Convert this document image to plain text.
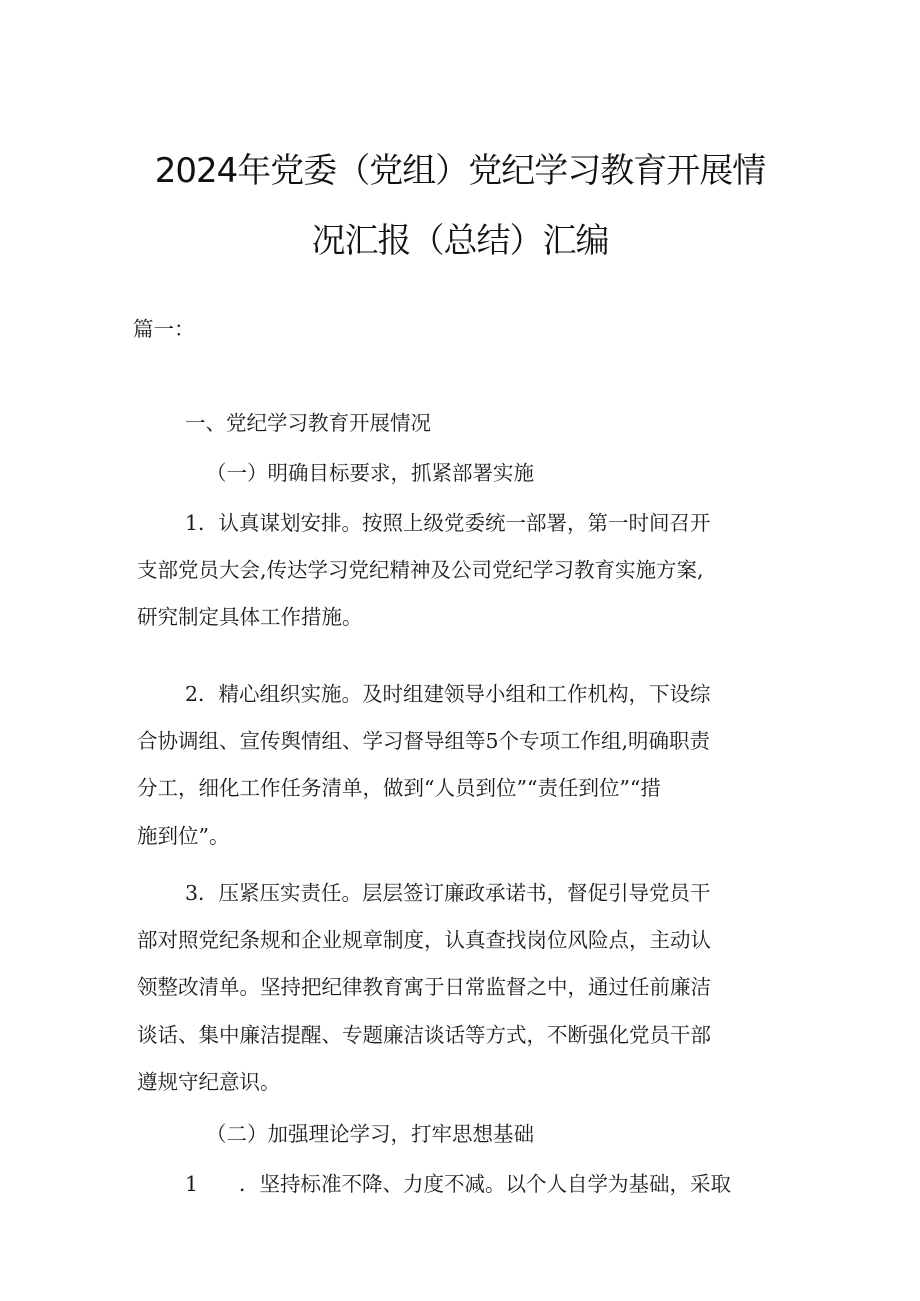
2024年党委（党组）党纪学习教育开展情
况汇报（总结）汇编
篇一：
一、党纪学习教育开展情况
（一）明确目标要求，抓紧部署实施
1．认真谋划安排。按照上级党委统一部署，第一时间召开
支部党员大会,传达学习党纪精神及公司党纪学习教育实施方案,
研究制定具体工作措施。
2．精心组织实施。及时组建领导小组和工作机构，下设综
合协调组、宣传舆情组、学习督导组等5个专项工作组,明确职责
分工，细化工作任务清单，做到“人员到位”“责任到位”“措
施到位”。
3．压紧压实责任。层层签订廉政承诺书，督促引导党员干
部对照党纪条规和企业规章制度，认真查找岗位风险点，主动认
领整改清单。坚持把纪律教育寓于日常监督之中，通过任前廉洁
谈话、集中廉洁提醒、专题廉洁谈话等方式，不断强化党员干部
遵规守纪意识。
（二）加强理论学习，打牢思想基础
1　　．坚持标准不降、力度不减。以个人自学为基础，采取
